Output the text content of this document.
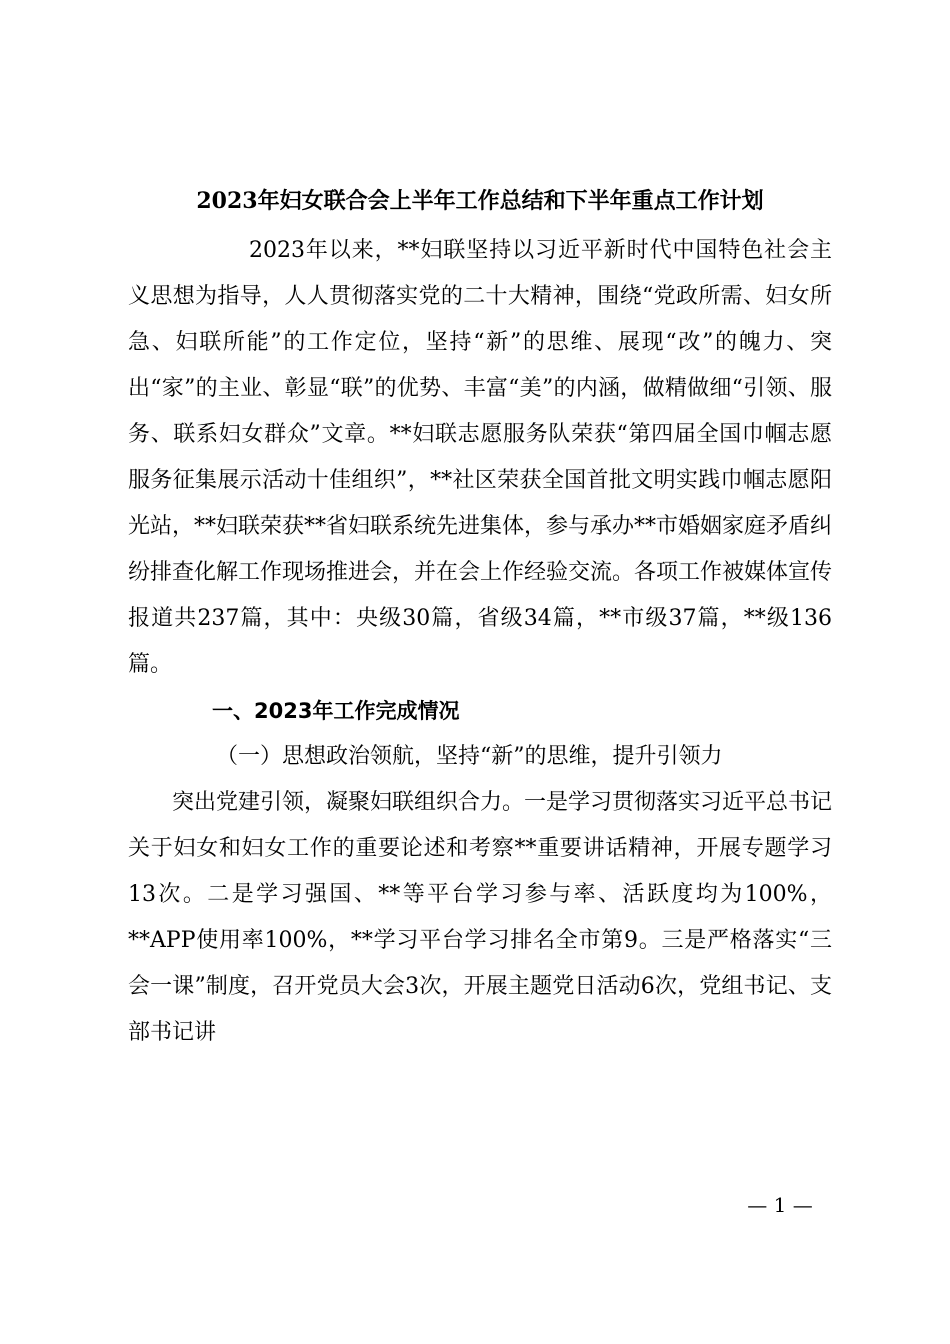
2023年妇女联合会上半年工作总结和下半年重点工作计划

2023年以来，**妇联坚持以习近平新时代中国特色社会主义思想为指导，人人贯彻落实党的二十大精神，围绕“党政所需、妇女所急、妇联所能”的工作定位，坚持“新”的思维、展现“改”的魄力、突出“家”的主业、彰显“联”的优势、丰富“美”的内涵，做精做细“引领、服务、联系妇女群众”文章。**妇联志愿服务队荣获“第四届全国巾帼志愿服务征集展示活动十佳组织”，**社区荣获全国首批文明实践巾帼志愿阳光站，**妇联荣获**省妇联系统先进集体，参与承办**市婚姻家庭矛盾纠纷排查化解工作现场推进会，并在会上作经验交流。各项工作被媒体宣传报道共237篇，其中：央级30篇，省级34篇，**市级37篇，**级136篇。

一、2023年工作完成情况

（一）思想政治领航，坚持“新”的思维，提升引领力

突出党建引领，凝聚妇联组织合力。一是学习贯彻落实习近平总书记关于妇女和妇女工作的重要论述和考察**重要讲话精神，开展专题学习13次。二是学习强国、**等平台学习参与率、活跃度均为100%，**APP使用率100%，**学习平台学习排名全市第9。三是严格落实“三会一课”制度，召开党员大会3次，开展主题党日活动6次，党组书记、支部书记讲

— 1 —
